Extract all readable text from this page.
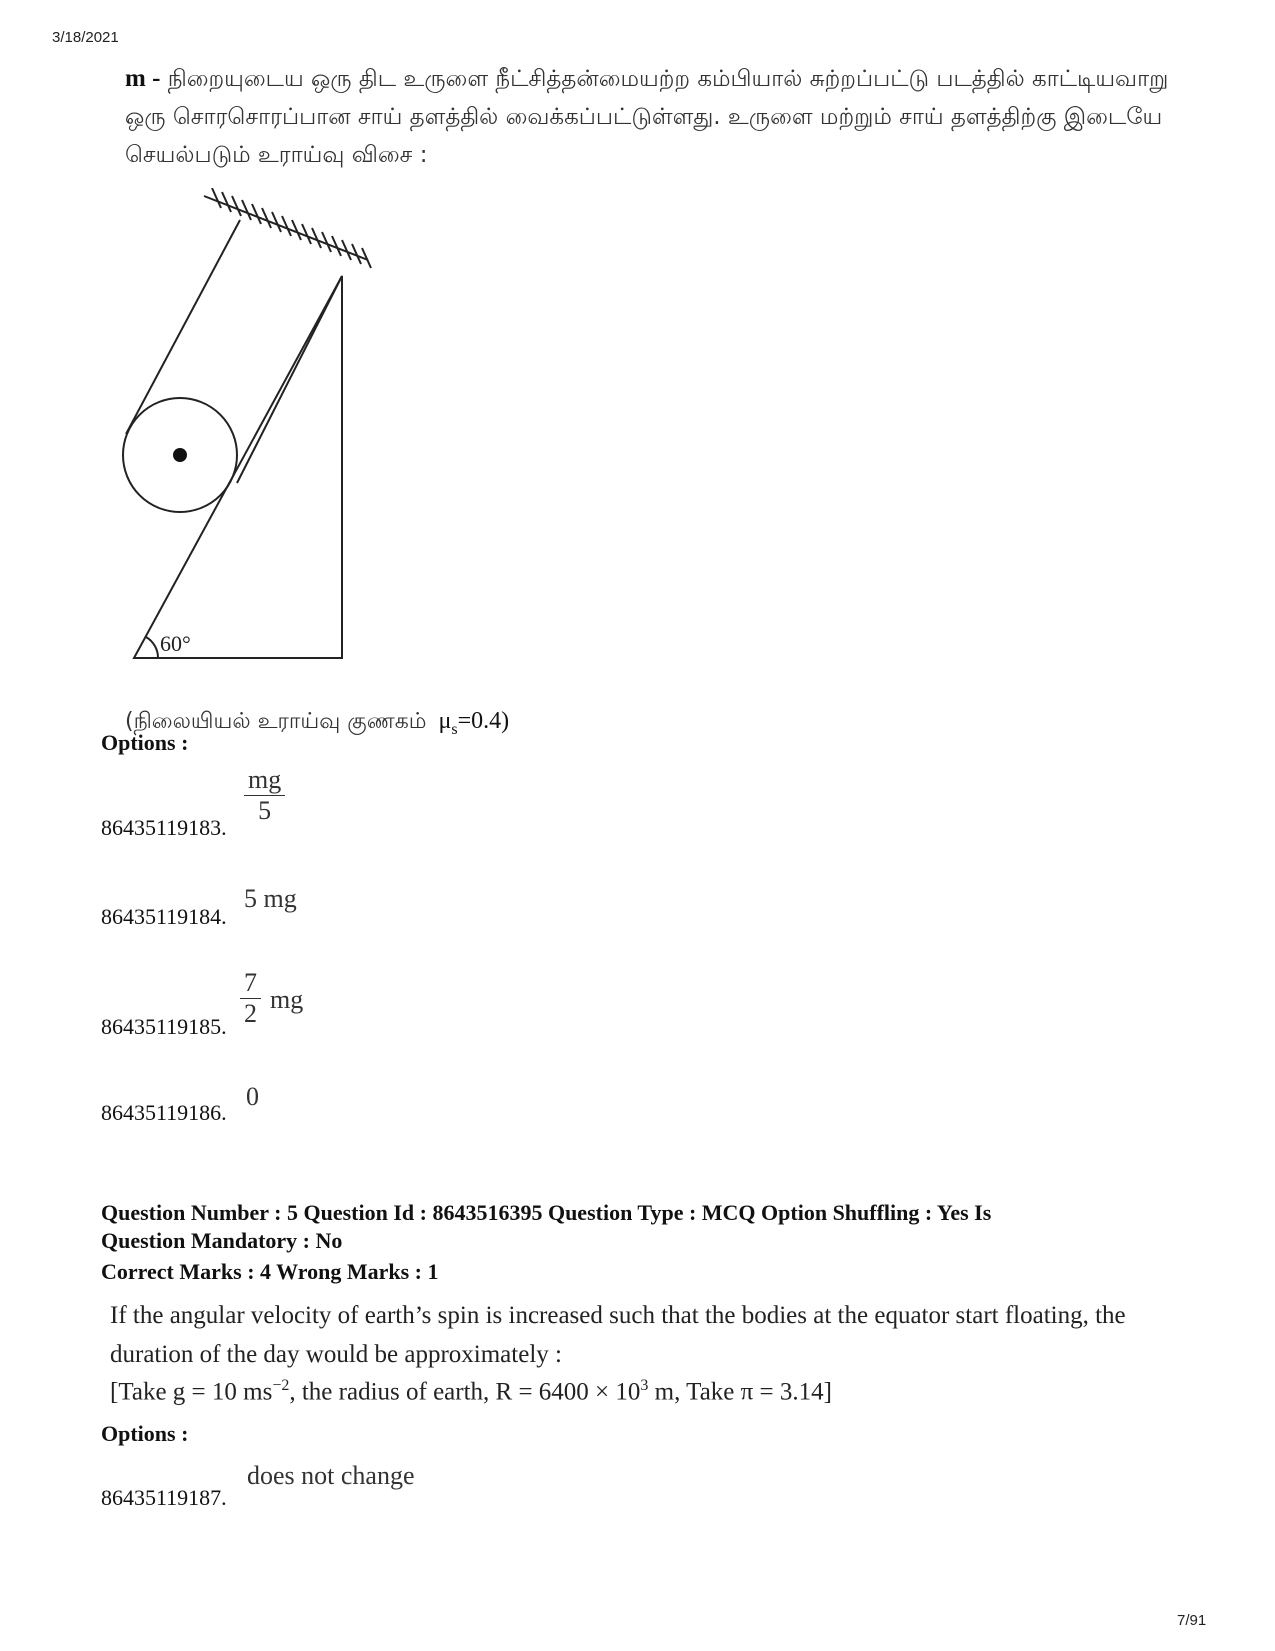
3/18/2021
m - நிறையுடைய ஒரு திட உருளை நீட்சித்தன்மையற்ற கம்பியால் சுற்றப்பட்டு படத்தில் காட்டியவாறு ஒரு சொரசொரப்பான சாய் தளத்தில் வைக்கப்பட்டுள்ளது. உருளை மற்றும் சாய் தளத்திற்கு இடையே செயல்படும் உராய்வு விசை :
60°
(நிலையியல் உராய்வு குணகம் $\mu_s=0.4$)
Options :
$\frac{mg}{5}$
86435119183.
5 mg
86435119184.
$\frac{7}{2}$ mg
86435119185.
0
86435119186.
Question Number : 5 Question Id : 8643516395 Question Type : MCQ Option Shuffling : Yes Is
Question Mandatory : No
Correct Marks : 4 Wrong Marks : 1
If the angular velocity of earth’s spin is increased such that the bodies at the equator start floating, the duration of the day would be approximately :
[Take g = 10 $ms^{-2}$, the radius of earth, $R = 6400 \times 10^3$ m, Take π = 3.14]
Options :
does not change
86435119187.
7/91
